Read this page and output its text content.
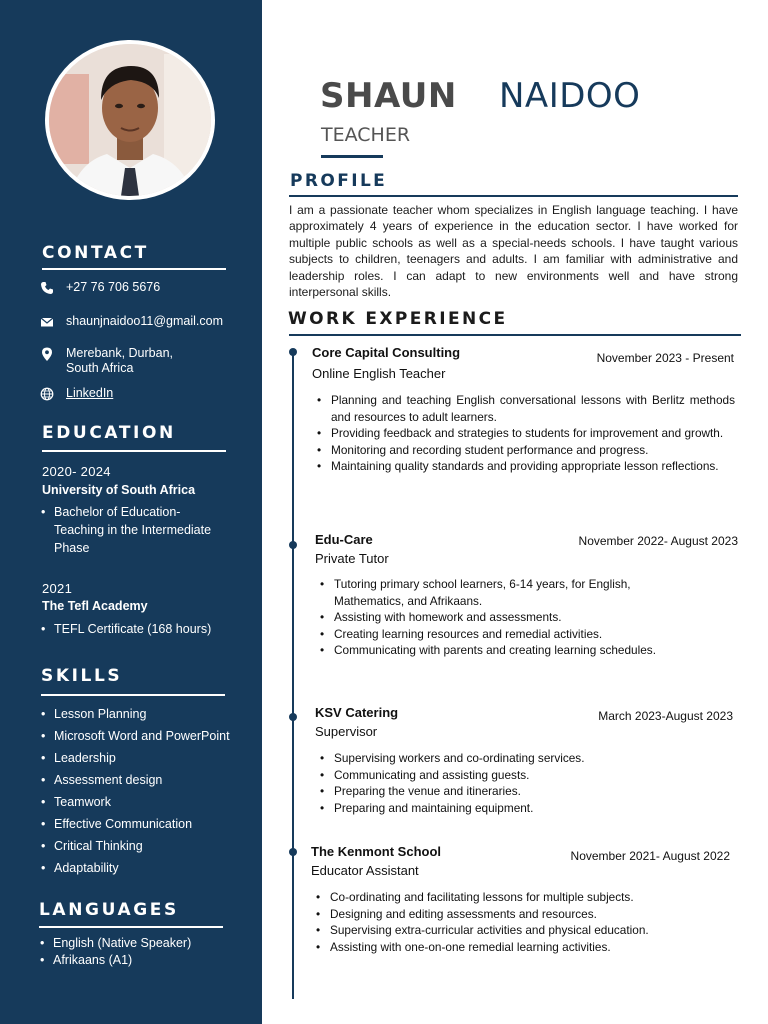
CONTACT
+27 76 706 5676
shaunjnaidoo11@gmail.com
Merebank, Durban,
South Africa
LinkedIn
EDUCATION
2020- 2024
University of South Africa
• Bachelor of Education-
Teaching in the Intermediate
Phase
2021
The Tefl Academy
• TEFL Certificate (168 hours)
SKILLS
• Lesson Planning
• Microsoft Word and PowerPoint
• Leadership
• Assessment design
• Teamwork
• Effective Communication
• Critical Thinking
• Adaptability
LANGUAGES
• English (Native Speaker)
• Afrikaans (A1)
SHAUN NAIDOO
TEACHER
PROFILE
I am a passionate teacher whom specializes in English language teaching. I have approximately 4 years of experience in the education sector. I have worked for multiple public schools as well as a special-needs schools. I have taught various subjects to children, teenagers and adults. I am familiar with administrative and leadership roles. I can adapt to new environments well and have strong interpersonal skills.
WORK EXPERIENCE
Core Capital Consulting	November 2023 - Present
Online English Teacher
• Planning and teaching English conversational lessons with Berlitz methods and resources to adult learners.
• Providing feedback and strategies to students for improvement and growth.
• Monitoring and recording student performance and progress.
• Maintaining quality standards and providing appropriate lesson reflections.
Edu-Care	November 2022- August 2023
Private Tutor
• Tutoring primary school learners, 6-14 years, for English, Mathematics, and Afrikaans.
• Assisting with homework and assessments.
• Creating learning resources and remedial activities.
• Communicating with parents and creating learning schedules.
KSV Catering	March 2023-August 2023
Supervisor
• Supervising workers and co-ordinating services.
• Communicating and assisting guests.
• Preparing the venue and itineraries.
• Preparing and maintaining equipment.
The Kenmont School	November 2021- August 2022
Educator Assistant
• Co-ordinating and facilitating lessons for multiple subjects.
• Designing and editing assessments and resources.
• Supervising extra-curricular activities and physical education.
• Assisting with one-on-one remedial learning activities.
